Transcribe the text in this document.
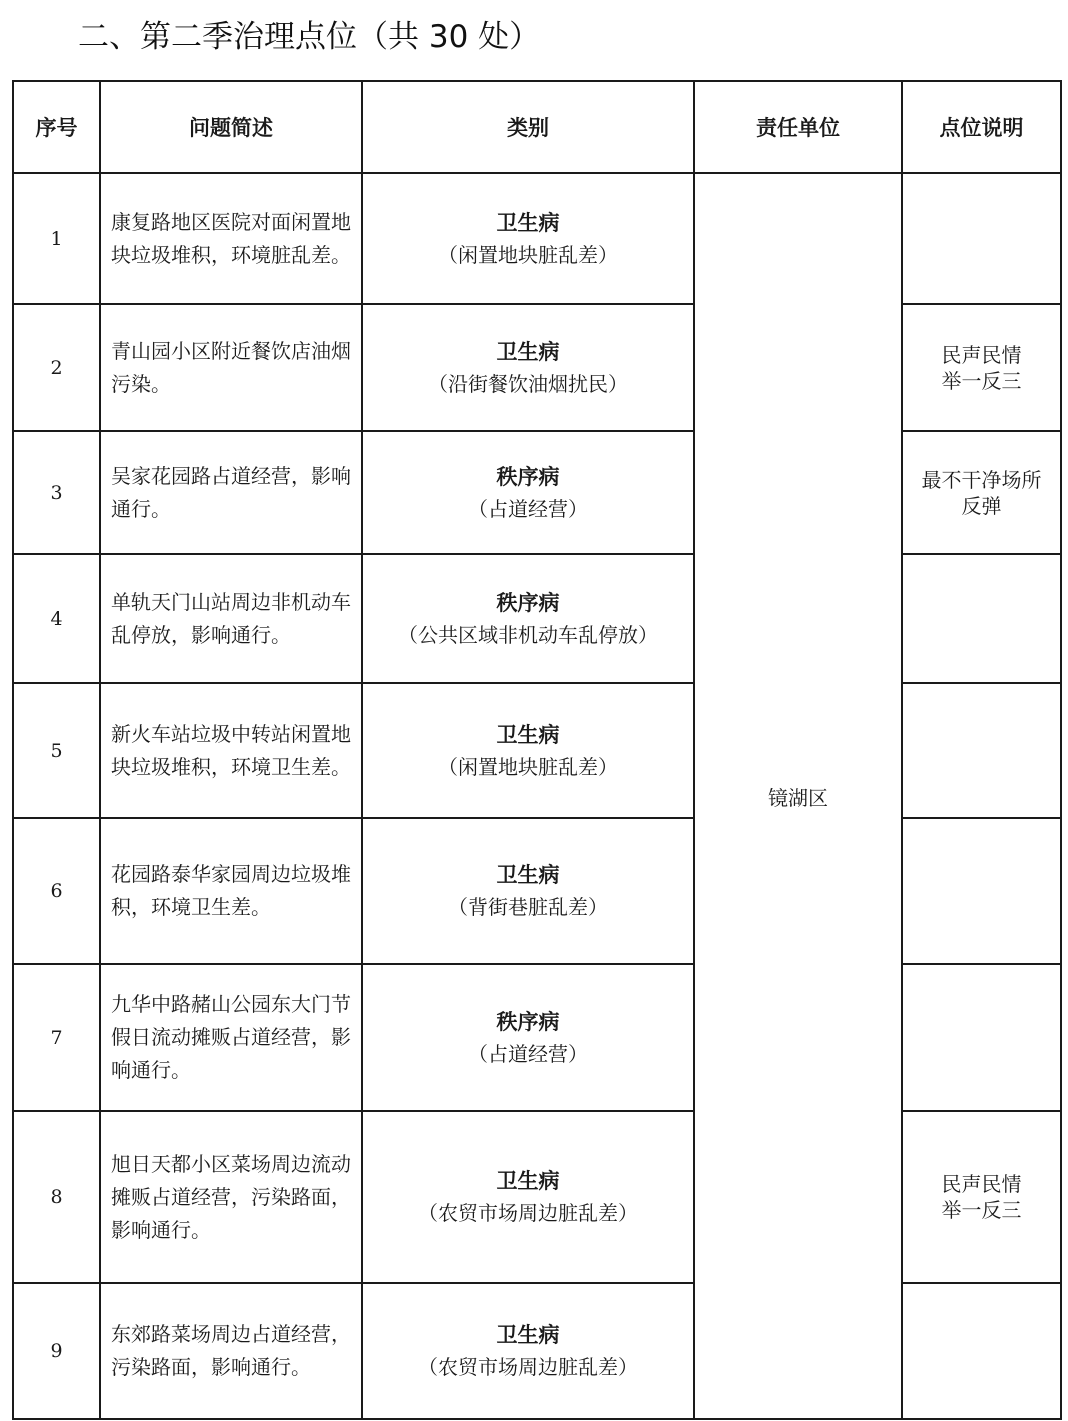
二、第二季治理点位（共 30 处）
序号	问题简述	类别	责任单位	点位说明
1	康复路地区医院对面闲置地块垃圾堆积，环境脏乱差。	卫生病
（闲置地块脏乱差）	镜湖区	
2	青山园小区附近餐饮店油烟污染。	卫生病
（沿街餐饮油烟扰民）		民声民情
举一反三

3	吴家花园路占道经营，影响通行。	秩序病
（占道经营）		最不干净场所
反弹

4	单轨天门山站周边非机动车乱停放，影响通行。	秩序病
（公共区域非机动车乱停放）		

5	新火车站垃圾中转站闲置地块垃圾堆积，环境卫生差。	卫生病
（闲置地块脏乱差）		

6	花园路泰华家园周边垃圾堆积，环境卫生差。	卫生病
（背街巷脏乱差）		

7	九华中路赭山公园东大门节假日流动摊贩占道经营，影响通行。	秩序病
（占道经营）		

8	旭日天都小区菜场周边流动摊贩占道经营，污染路面，影响通行。	卫生病
（农贸市场周边脏乱差）		民声民情
举一反三

9	东郊路菜场周边占道经营，污染路面，影响通行。	卫生病
（农贸市场周边脏乱差）		
